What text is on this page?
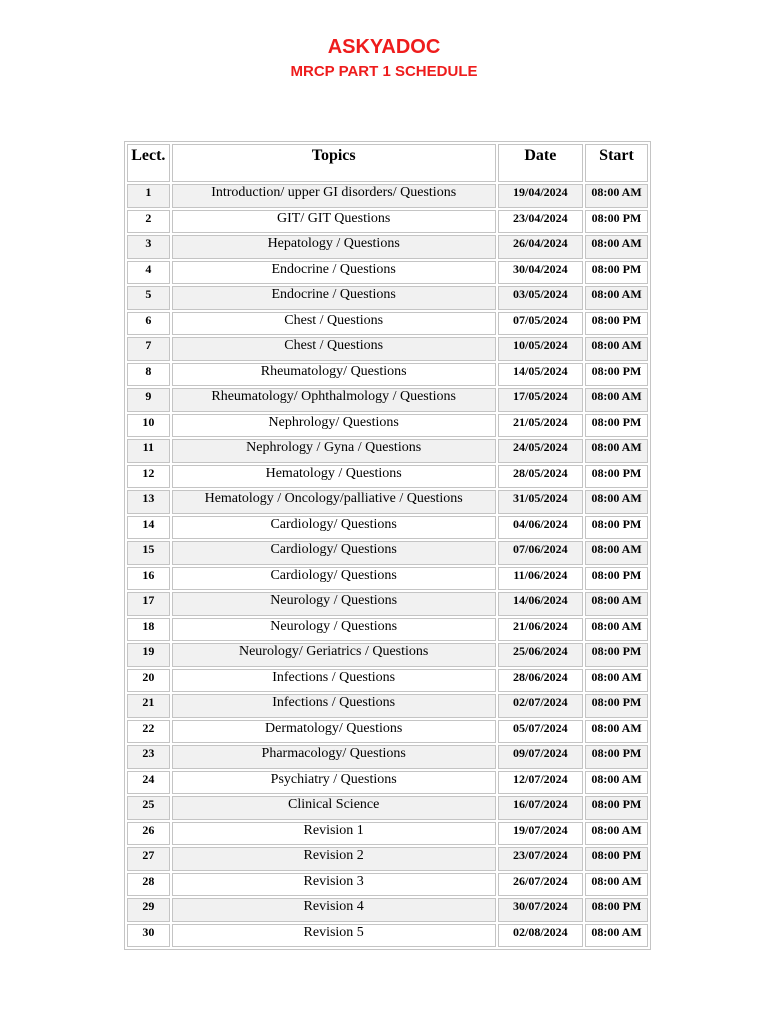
ASKYADOC
MRCP PART 1 SCHEDULE
Lect.	Topics	Date	Start
1	Introduction/ upper GI disorders/ Questions	19/04/2024	08:00 AM
2	GIT/ GIT Questions	23/04/2024	08:00 PM
3	Hepatology / Questions	26/04/2024	08:00 AM
4	Endocrine / Questions	30/04/2024	08:00 PM
5	Endocrine / Questions	03/05/2024	08:00 AM
6	Chest / Questions	07/05/2024	08:00 PM
7	Chest / Questions	10/05/2024	08:00 AM
8	Rheumatology/ Questions	14/05/2024	08:00 PM
9	Rheumatology/ Ophthalmology / Questions	17/05/2024	08:00 AM
10	Nephrology/ Questions	21/05/2024	08:00 PM
11	Nephrology / Gyna / Questions	24/05/2024	08:00 AM
12	Hematology / Questions	28/05/2024	08:00 PM
13	Hematology / Oncology/palliative / Questions	31/05/2024	08:00 AM
14	Cardiology/ Questions	04/06/2024	08:00 PM
15	Cardiology/ Questions	07/06/2024	08:00 AM
16	Cardiology/ Questions	11/06/2024	08:00 PM
17	Neurology / Questions	14/06/2024	08:00 AM
18	Neurology / Questions	21/06/2024	08:00 AM
19	Neurology/ Geriatrics / Questions	25/06/2024	08:00 PM
20	Infections / Questions	28/06/2024	08:00 AM
21	Infections / Questions	02/07/2024	08:00 PM
22	Dermatology/ Questions	05/07/2024	08:00 AM
23	Pharmacology/ Questions	09/07/2024	08:00 PM
24	Psychiatry / Questions	12/07/2024	08:00 AM
25	Clinical Science	16/07/2024	08:00 PM
26	Revision 1	19/07/2024	08:00 AM
27	Revision 2	23/07/2024	08:00 PM
28	Revision 3	26/07/2024	08:00 AM
29	Revision 4	30/07/2024	08:00 PM
30	Revision 5	02/08/2024	08:00 AM
